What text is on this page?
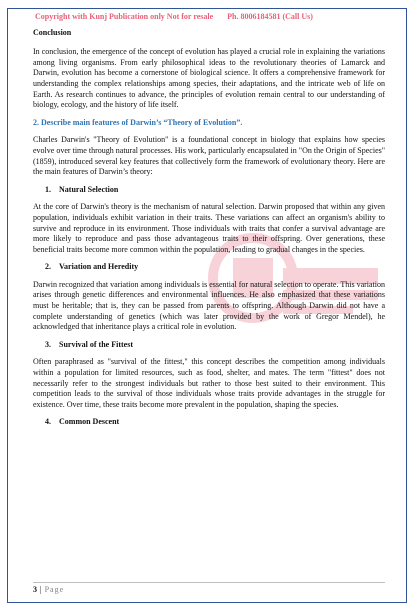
Copyright with Kunj Publication only Not for resale Ph. 8006184581 (Call Us)
Conclusion

In conclusion, the emergence of the concept of evolution has played a crucial role in explaining the variations among living organisms. From early philosophical ideas to the revolutionary theories of Lamarck and Darwin, evolution has become a cornerstone of biological science. It offers a comprehensive framework for understanding the complex relationships among species, their adaptations, and the intricate web of life on Earth. As research continues to advance, the principles of evolution remain central to our understanding of biology, ecology, and the history of life itself.

2. Describe main features of Darwin’s “Theory of Evolution”.

Charles Darwin's "Theory of Evolution" is a foundational concept in biology that explains how species evolve over time through natural processes. His work, particularly encapsulated in "On the Origin of Species" (1859), introduced several key features that collectively form the framework of evolutionary theory. Here are the main features of Darwin’s theory:

1. Natural Selection

At the core of Darwin's theory is the mechanism of natural selection. Darwin proposed that within any given population, individuals exhibit variation in their traits. These variations can affect an organism's ability to survive and reproduce in its environment. Those individuals with traits that confer a survival advantage are more likely to reproduce and pass those advantageous traits to their offspring. Over generations, these beneficial traits become more common within the population, leading to gradual changes in the species.

2. Variation and Heredity

Darwin recognized that variation among individuals is essential for natural selection to operate. This variation arises through genetic differences and environmental influences. He also emphasized that these variations must be heritable; that is, they can be passed from parents to offspring. Although Darwin did not have a complete understanding of genetics (which was later provided by the work of Gregor Mendel), he acknowledged that inheritance plays a critical role in evolution.

3. Survival of the Fittest

Often paraphrased as "survival of the fittest," this concept describes the competition among individuals within a population for limited resources, such as food, shelter, and mates. The term "fittest" does not necessarily refer to the strongest individuals but rather to those best suited to their environment. This competition leads to the survival of those individuals whose traits provide advantages in the struggle for existence. Over time, these traits become more prevalent in the population, shaping the species.

4. Common Descent
3 | Page
